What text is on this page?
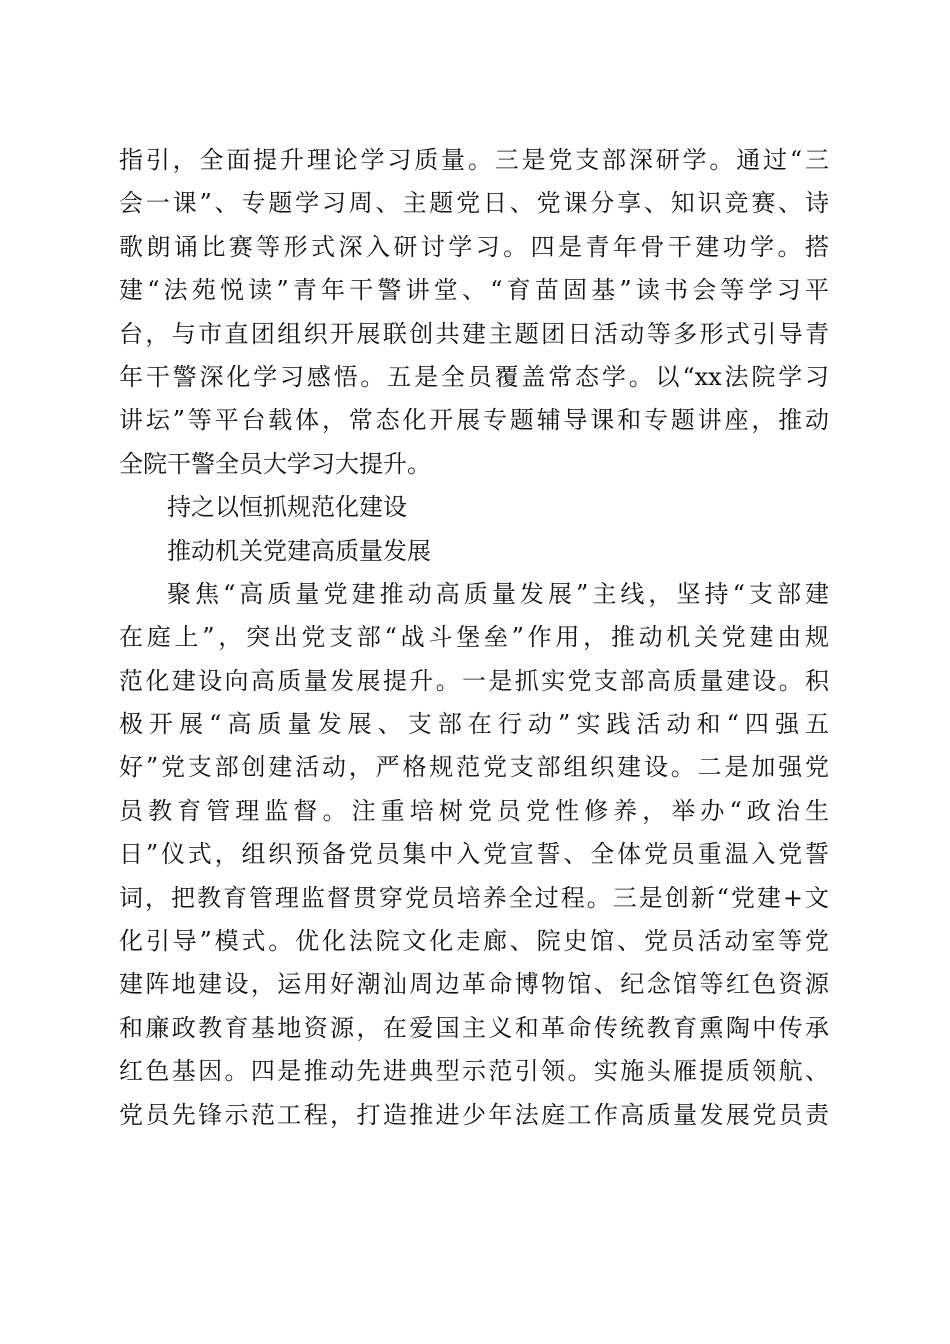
指引，全面提升理论学习质量。三是党支部深研学。通过“三
会一课”、专题学习周、主题党日、党课分享、知识竞赛、诗
歌朗诵比赛等形式深入研讨学习。四是青年骨干建功学。搭
建“法苑悦读”青年干警讲堂、“育苗固基”读书会等学习平
台，与市直团组织开展联创共建主题团日活动等多形式引导青
年干警深化学习感悟。五是全员覆盖常态学。以“xx法院学习
讲坛”等平台载体，常态化开展专题辅导课和专题讲座，推动
全院干警全员大学习大提升。
持之以恒抓规范化建设
推动机关党建高质量发展
聚焦“高质量党建推动高质量发展”主线，坚持“支部建
在庭上”，突出党支部“战斗堡垒”作用，推动机关党建由规
范化建设向高质量发展提升。一是抓实党支部高质量建设。积
极开展“高质量发展、支部在行动”实践活动和“四强五
好”党支部创建活动，严格规范党支部组织建设。二是加强党
员教育管理监督。注重培树党员党性修养，举办“政治生
日”仪式，组织预备党员集中入党宣誓、全体党员重温入党誓
词，把教育管理监督贯穿党员培养全过程。三是创新“党建+文
化引导”模式。优化法院文化走廊、院史馆、党员活动室等党
建阵地建设，运用好潮汕周边革命博物馆、纪念馆等红色资源
和廉政教育基地资源，在爱国主义和革命传统教育熏陶中传承
红色基因。四是推动先进典型示范引领。实施头雁提质领航、
党员先锋示范工程，打造推进少年法庭工作高质量发展党员责
